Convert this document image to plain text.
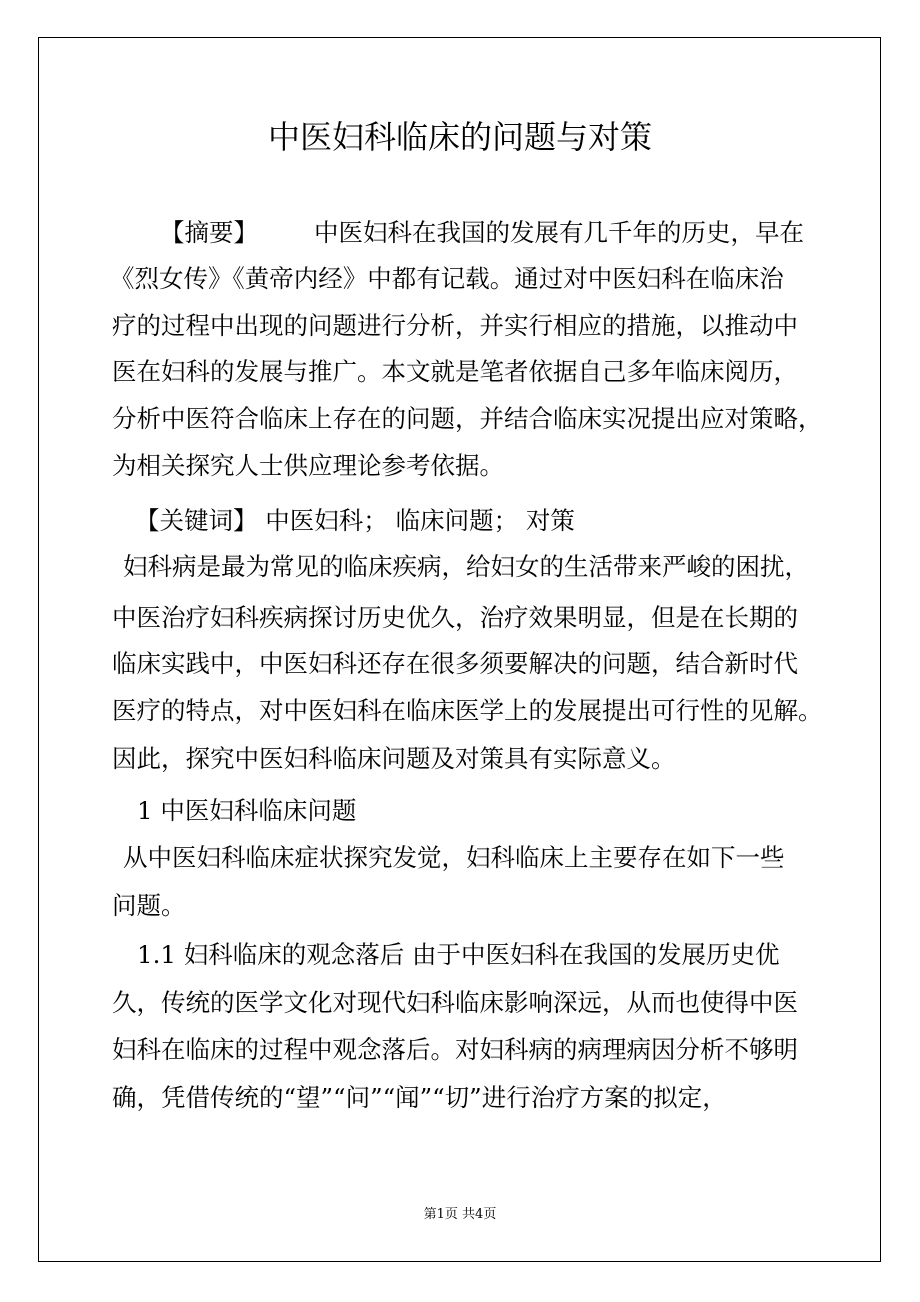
中医妇科临床的问题与对策
【摘要】 中医妇科在我国的发展有几千年的历史，早在
《烈女传》《黄帝内经》中都有记载。通过对中医妇科在临床治
疗的过程中出现的问题进行分析，并实行相应的措施，以推动中
医在妇科的发展与推广。本文就是笔者依据自己多年临床阅历，
分析中医符合临床上存在的问题，并结合临床实况提出应对策略，
为相关探究人士供应理论参考依据。
【关键词】 中医妇科； 临床问题； 对策
妇科病是最为常见的临床疾病，给妇女的生活带来严峻的困扰，
中医治疗妇科疾病探讨历史优久，治疗效果明显，但是在长期的
临床实践中，中医妇科还存在很多须要解决的问题，结合新时代
医疗的特点，对中医妇科在临床医学上的发展提出可行性的见解。
因此，探究中医妇科临床问题及对策具有实际意义。
1 中医妇科临床问题
从中医妇科临床症状探究发觉，妇科临床上主要存在如下一些
问题。
1.1 妇科临床的观念落后 由于中医妇科在我国的发展历史优
久，传统的医学文化对现代妇科临床影响深远，从而也使得中医
妇科在临床的过程中观念落后。对妇科病的病理病因分析不够明
确，凭借传统的“望”“问”“闻”“切”进行治疗方案的拟定，
第1页 共4页
